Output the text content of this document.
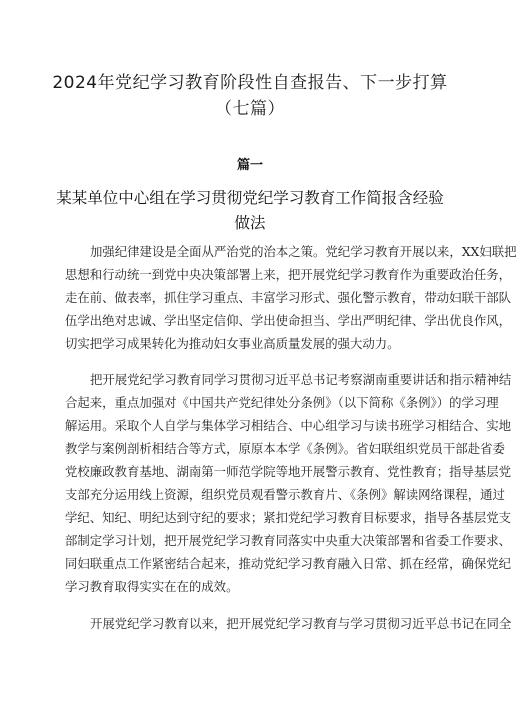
2024年党纪学习教育阶段性自查报告、下一步打算
（七篇）
篇一
某某单位中心组在学习贯彻党纪学习教育工作简报含经验
做法
加强纪律建设是全面从严治党的治本之策。党纪学习教育开展以来，XX妇联把
思想和行动统一到党中央决策部署上来，把开展党纪学习教育作为重要政治任务，
走在前、做表率，抓住学习重点、丰富学习形式、强化警示教育，带动妇联干部队
伍学出绝对忠诚、学出坚定信仰、学出使命担当、学出严明纪律、学出优良作风，
切实把学习成果转化为推动妇女事业高质量发展的强大动力。
把开展党纪学习教育同学习贯彻习近平总书记考察湖南重要讲话和指示精神结
合起来，重点加强对《中国共产党纪律处分条例》（以下简称《条例》）的学习理
解运用。采取个人自学与集体学习相结合、中心组学习与读书班学习相结合、实地
教学与案例剖析相结合等方式，原原本本学《条例》。省妇联组织党员干部赴省委
党校廉政教育基地、湖南第一师范学院等地开展警示教育、党性教育；指导基层党
支部充分运用线上资源，组织党员观看警示教育片、《条例》解读网络课程，通过
学纪、知纪、明纪达到守纪的要求；紧扣党纪学习教育目标要求，指导各基层党支
部制定学习计划，把开展党纪学习教育同落实中央重大决策部署和省委工作要求、
同妇联重点工作紧密结合起来，推动党纪学习教育融入日常、抓在经常，确保党纪
学习教育取得实实在在的成效。
开展党纪学习教育以来，把开展党纪学习教育与学习贯彻习近平总书记在同全
